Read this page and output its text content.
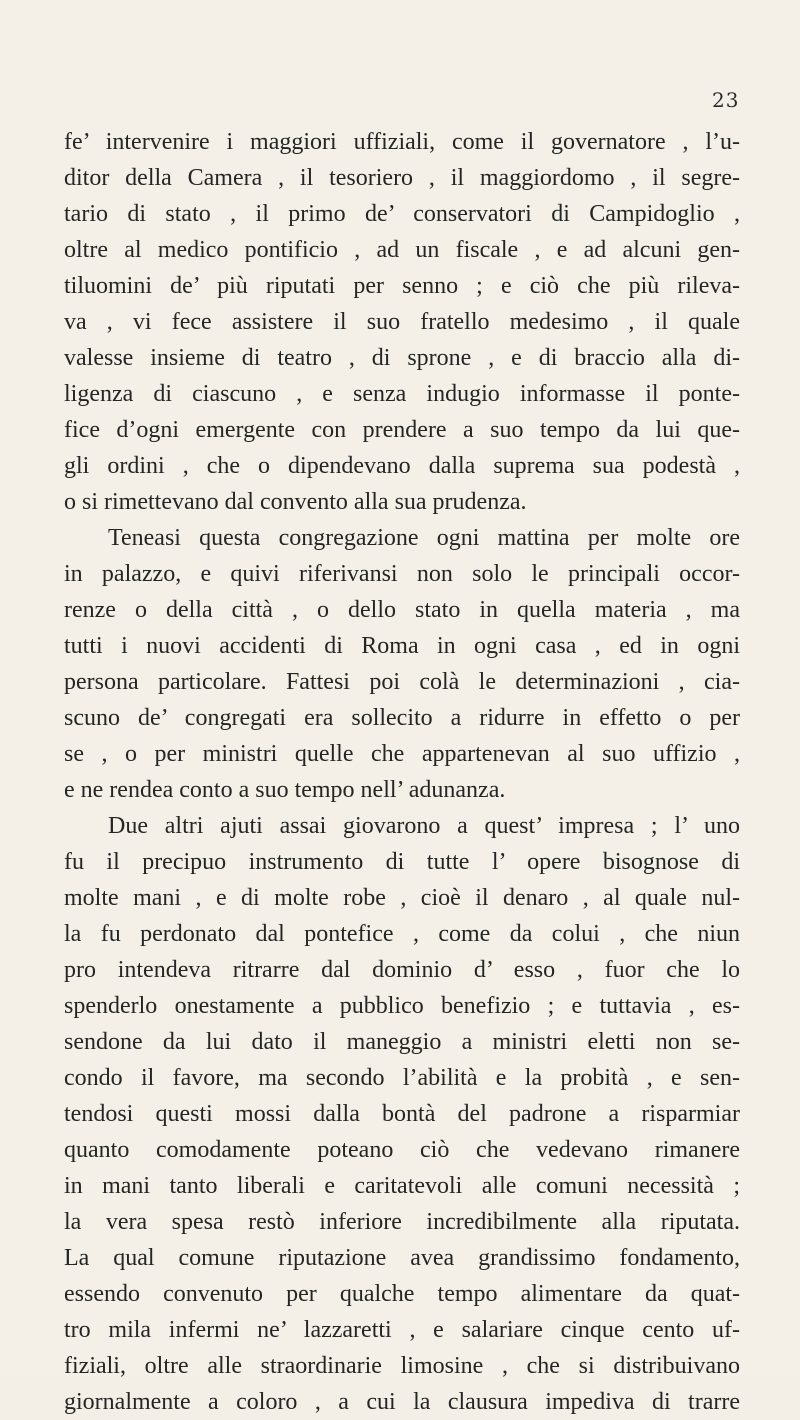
23
fe’ intervenire i maggiori uffiziali, come il governatore , l’u-
ditor della Camera , il tesoriero , il maggiordomo , il segre-
tario di stato , il primo de’ conservatori di Campidoglio ,
oltre al medico pontificio , ad un fiscale , e ad alcuni gen-
tiluomini de’ più riputati per senno ; e ciò che più rileva-
va , vi fece assistere il suo fratello medesimo , il quale
valesse insieme di teatro , di sprone , e di braccio alla di-
ligenza di ciascuno , e senza indugio informasse il ponte-
fice d’ogni emergente con prendere a suo tempo da lui que-
gli ordini , che o dipendevano dalla suprema sua podestà ,
o si rimettevano dal convento alla sua prudenza.
Teneasi questa congregazione ogni mattina per molte ore
in palazzo, e quivi riferivansi non solo le principali occor-
renze o della città , o dello stato in quella materia , ma
tutti i nuovi accidenti di Roma in ogni casa , ed in ogni
persona particolare. Fattesi poi colà le determinazioni , cia-
scuno de’ congregati era sollecito a ridurre in effetto o per
se , o per ministri quelle che appartenevan al suo uffizio ,
e ne rendea conto a suo tempo nell’ adunanza.
Due altri ajuti assai giovarono a quest’ impresa ; l’ uno
fu il precipuo instrumento di tutte l’ opere bisognose di
molte mani , e di molte robe , cioè il denaro , al quale nul-
la fu perdonato dal pontefice , come da colui , che niun
pro intendeva ritrarre dal dominio d’ esso , fuor che lo
spenderlo onestamente a pubblico benefizio ; e tuttavia , es-
sendone da lui dato il maneggio a ministri eletti non se-
condo il favore, ma secondo l’abilità e la probità , e sen-
tendosi questi mossi dalla bontà del padrone a risparmiar
quanto comodamente poteano ciò che vedevano rimanere
in mani tanto liberali e caritatevoli alle comuni necessità ;
la vera spesa restò inferiore incredibilmente alla riputata.
La qual comune riputazione avea grandissimo fondamento,
essendo convenuto per qualche tempo alimentare da quat-
tro mila infermi ne’ lazzaretti , e salariare cinque cento uf-
fiziali, oltre alle straordinarie limosine , che si distribuivano
giornalmente a coloro , a cui la clausura impediva di trarre
